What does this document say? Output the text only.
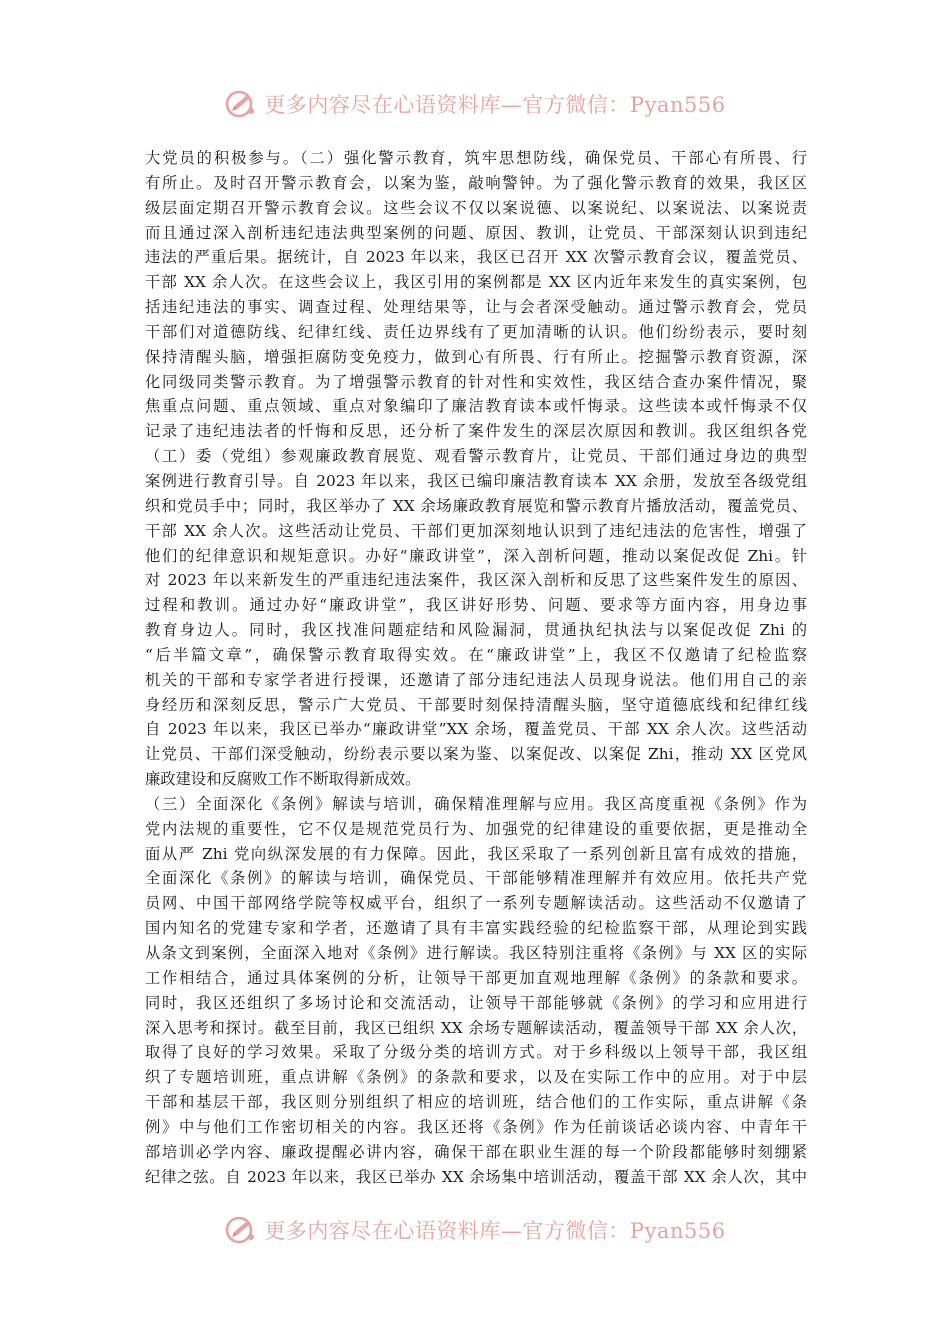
更多内容尽在心语资料库—官方微信：Pyan556
大党员的积极参与。（二）强化警示教育，筑牢思想防线，确保党员、干部心有所畏、行
有所止。及时召开警示教育会，以案为鉴，敲响警钟。为了强化警示教育的效果，我区区
级层面定期召开警示教育会议。这些会议不仅以案说德、以案说纪、以案说法、以案说责
而且通过深入剖析违纪违法典型案例的问题、原因、教训，让党员、干部深刻认识到违纪
违法的严重后果。据统计，自 2023 年以来，我区已召开 XX 次警示教育会议，覆盖党员、
干部 XX 余人次。在这些会议上，我区引用的案例都是 XX 区内近年来发生的真实案例，包
括违纪违法的事实、调查过程、处理结果等，让与会者深受触动。通过警示教育会，党员
干部们对道德防线、纪律红线、责任边界线有了更加清晰的认识。他们纷纷表示，要时刻
保持清醒头脑，增强拒腐防变免疫力，做到心有所畏、行有所止。挖掘警示教育资源，深
化同级同类警示教育。为了增强警示教育的针对性和实效性，我区结合查办案件情况，聚
焦重点问题、重点领域、重点对象编印了廉洁教育读本或忏悔录。这些读本或忏悔录不仅
记录了违纪违法者的忏悔和反思，还分析了案件发生的深层次原因和教训。我区组织各党
（工）委（党组）参观廉政教育展览、观看警示教育片，让党员、干部们通过身边的典型
案例进行教育引导。自 2023 年以来，我区已编印廉洁教育读本 XX 余册，发放至各级党组
织和党员手中；同时，我区举办了 XX 余场廉政教育展览和警示教育片播放活动，覆盖党员、
干部 XX 余人次。这些活动让党员、干部们更加深刻地认识到了违纪违法的危害性，增强了
他们的纪律意识和规矩意识。办好“廉政讲堂”，深入剖析问题，推动以案促改促 Zhi。针
对 2023 年以来新发生的严重违纪违法案件，我区深入剖析和反思了这些案件发生的原因、
过程和教训。通过办好“廉政讲堂”，我区讲好形势、问题、要求等方面内容，用身边事
教育身边人。同时，我区找准问题症结和风险漏洞，贯通执纪执法与以案促改促 Zhi 的
“后半篇文章”，确保警示教育取得实效。在“廉政讲堂”上，我区不仅邀请了纪检监察
机关的干部和专家学者进行授课，还邀请了部分违纪违法人员现身说法。他们用自己的亲
身经历和深刻反思，警示广大党员、干部要时刻保持清醒头脑，坚守道德底线和纪律红线
自 2023 年以来，我区已举办“廉政讲堂”XX 余场，覆盖党员、干部 XX 余人次。这些活动
让党员、干部们深受触动，纷纷表示要以案为鉴、以案促改、以案促 Zhi，推动 XX 区党风
廉政建设和反腐败工作不断取得新成效。
（三）全面深化《条例》解读与培训，确保精准理解与应用。我区高度重视《条例》作为
党内法规的重要性，它不仅是规范党员行为、加强党的纪律建设的重要依据，更是推动全
面从严 Zhi 党向纵深发展的有力保障。因此，我区采取了一系列创新且富有成效的措施，
全面深化《条例》的解读与培训，确保党员、干部能够精准理解并有效应用。依托共产党
员网、中国干部网络学院等权威平台，组织了一系列专题解读活动。这些活动不仅邀请了
国内知名的党建专家和学者，还邀请了具有丰富实践经验的纪检监察干部，从理论到实践
从条文到案例，全面深入地对《条例》进行解读。我区特别注重将《条例》与 XX 区的实际
工作相结合，通过具体案例的分析，让领导干部更加直观地理解《条例》的条款和要求。
同时，我区还组织了多场讨论和交流活动，让领导干部能够就《条例》的学习和应用进行
深入思考和探讨。截至目前，我区已组织 XX 余场专题解读活动，覆盖领导干部 XX 余人次，
取得了良好的学习效果。采取了分级分类的培训方式。对于乡科级以上领导干部，我区组
织了专题培训班，重点讲解《条例》的条款和要求，以及在实际工作中的应用。对于中层
干部和基层干部，我区则分别组织了相应的培训班，结合他们的工作实际，重点讲解《条
例》中与他们工作密切相关的内容。我区还将《条例》作为任前谈话必谈内容、中青年干
部培训必学内容、廉政提醒必讲内容，确保干部在职业生涯的每一个阶段都能够时刻绷紧
纪律之弦。自 2023 年以来，我区已举办 XX 余场集中培训活动，覆盖干部 XX 余人次，其中
更多内容尽在心语资料库—官方微信：Pyan556
